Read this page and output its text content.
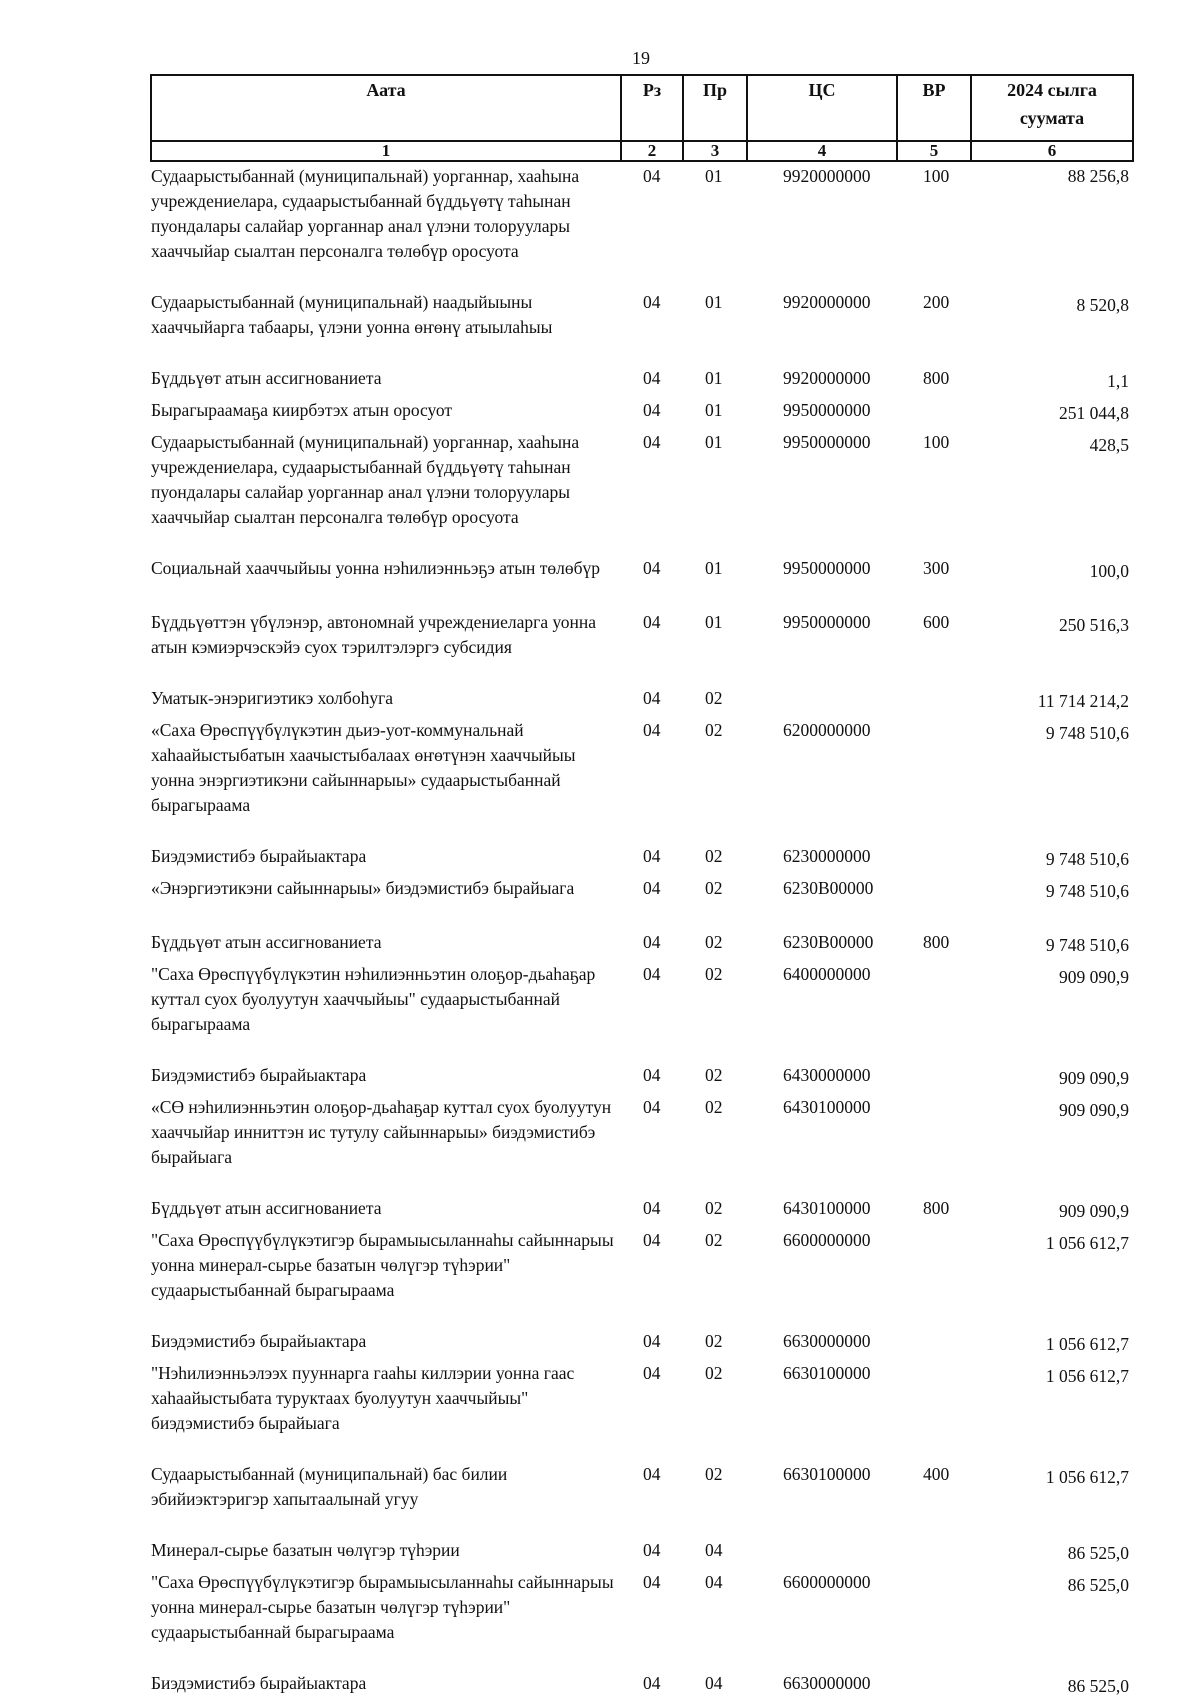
19
Аата	Рз	Пр	ЦС	ВР	2024 сылга суумата
1	2	3	4	5	6
Судаарыстыбаннай (муниципальнай) уорганнар, хааһына учреждениелара, судаарыстыбаннай бүддьүөтү таһынан пуондалары салайар уорганнар анал үлэни толоруулары хааччыйар сыалтан персоналга төлөбүр оросуота	04	01	9920000000	100	88 256,8
Судаарыстыбаннай (муниципальнай) наадыйыыны хааччыйарга табаары, үлэни уонна өҥөнү атыылаһыы	04	01	9920000000	200	8 520,8
Бүддьүөт атын ассигнованиета	04	01	9920000000	800	1,1
Бырагыраамаҕа киирбэтэх атын оросуот	04	01	9950000000		251 044,8
Судаарыстыбаннай (муниципальнай) уорганнар, хааһына учреждениелара, судаарыстыбаннай бүддьүөтү таһынан пуондалары салайар уорганнар анал үлэни толоруулары хааччыйар сыалтан персоналга төлөбүр оросуота	04	01	9950000000	100	428,5
Социальнай хааччыйыы уонна нэһилиэнньэҕэ атын төлөбүр	04	01	9950000000	300	100,0
Бүддьүөттэн үбүлэнэр, автономнай учреждениеларга уонна атын кэмиэрчэскэйэ суох тэрилтэлэргэ субсидия	04	01	9950000000	600	250 516,3
Уматык-энэригиэтикэ холбоһуга	04	02			11 714 214,2
«Саха Өрөспүүбүлүкэтин дьиэ-уот-коммунальнай хаһаайыстыбатын хаачыстыбалаах өҥөтүнэн хааччыйыы уонна энэргиэтикэни сайыннарыы» судаарыстыбаннай бырагыраама	04	02	6200000000		9 748 510,6
Биэдэмистибэ бырайыактара	04	02	6230000000		9 748 510,6
«Энэргиэтикэни сайыннарыы» биэдэмистибэ бырайыага	04	02	6230В00000		9 748 510,6
Бүддьүөт атын ассигнованиета	04	02	6230В00000	800	9 748 510,6
"Саха Өрөспүүбүлүкэтин нэһилиэнньэтин олоҕор-дьаһаҕар куттал суох буолуутун хааччыйыы" судаарыстыбаннай бырагыраама	04	02	6400000000		909 090,9
Биэдэмистибэ бырайыактара	04	02	6430000000		909 090,9
«СӨ нэһилиэнньэтин олоҕор-дьаһаҕар куттал суох буолуутун хааччыйар инниттэн ис тутулу сайыннарыы» биэдэмистибэ бырайыага	04	02	6430100000		909 090,9
Бүддьүөт атын ассигнованиета	04	02	6430100000	800	909 090,9
"Саха Өрөспүүбүлүкэтигэр бырамыысыланнаһы сайыннарыы уонна минерал-сырье базатын чөлүгэр түһэрии" судаарыстыбаннай бырагыраама	04	02	6600000000		1 056 612,7
Биэдэмистибэ бырайыактара	04	02	6630000000		1 056 612,7
"Нэһилиэнньэлээх пууннарга гааһы киллэрии уонна гаас хаһаайыстыбата туруктаах буолуутун хааччыйыы" биэдэмистибэ бырайыага	04	02	6630100000		1 056 612,7
Судаарыстыбаннай (муниципальнай) бас билии эбийиэктэригэр хапытаалынай угуу	04	02	6630100000	400	1 056 612,7
Минерал-сырье базатын чөлүгэр түһэрии	04	04			86 525,0
"Саха Өрөспүүбүлүкэтигэр бырамыысыланнаһы сайыннарыы уонна минерал-сырье базатын чөлүгэр түһэрии" судаарыстыбаннай бырагыраама	04	04	6600000000		86 525,0
Биэдэмистибэ бырайыактара	04	04	6630000000		86 525,0
